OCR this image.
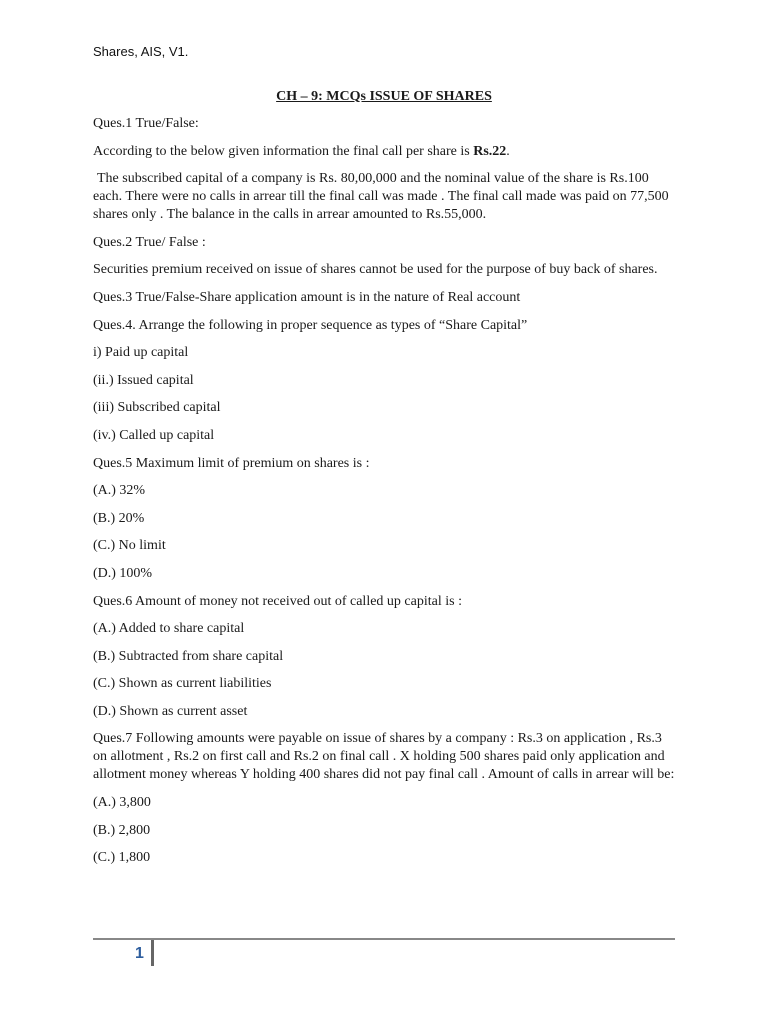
Shares, AIS, V1.
CH – 9: MCQs ISSUE OF SHARES

Ques.1 True/False:

According to the below given information the final call per share is Rs.22.

The subscribed capital of a company is Rs. 80,00,000 and the nominal value of the share is Rs.100 each. There were no calls in arrear till the final call was made . The final call made was paid on 77,500 shares only . The balance in the calls in arrear amounted to Rs.55,000.

Ques.2 True/ False :

Securities premium received on issue of shares cannot be used for the purpose of buy back of shares.

Ques.3 True/False-Share application amount is in the nature of Real account

Ques.4. Arrange the following in proper sequence as types of “Share Capital”

i) Paid up capital

(ii.) Issued capital

(iii) Subscribed capital

(iv.) Called up capital

Ques.5 Maximum limit of premium on shares is :

(A.) 32%

(B.) 20%

(C.) No limit

(D.) 100%

Ques.6 Amount of money not received out of called up capital is :

(A.) Added to share capital

(B.) Subtracted from share capital

(C.) Shown as current liabilities

(D.) Shown as current asset

Ques.7 Following amounts were payable on issue of shares by a company : Rs.3 on application , Rs.3 on allotment , Rs.2 on first call and Rs.2 on final call . X holding 500 shares paid only application and allotment money whereas Y holding 400 shares did not pay final call . Amount of calls in arrear will be:

(A.) 3,800

(B.) 2,800

(C.) 1,800

1
